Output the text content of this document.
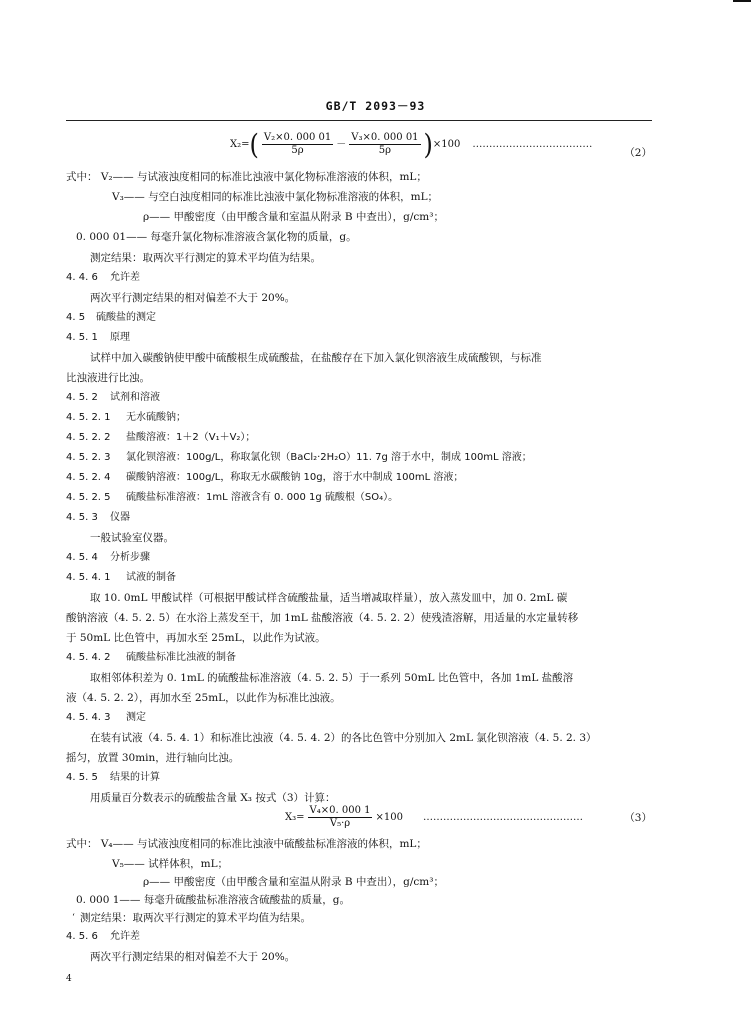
GB/T 2093－93
X₂= ( $\frac{\text{V₂×0. 000 01}}{5\rho} - \frac{\text{V₃×0. 000 01}}{5\rho}$ ) ×100 ………………………………
（2）
式中： V₂—— 与试液浊度相同的标准比浊液中氯化物标准溶液的体积，mL；
V₃—— 与空白浊度相同的标准比浊液中氯化物标准溶液的体积，mL；
ρ—— 甲酸密度（由甲酸含量和室温从附录 B 中查出），g/cm³；
0. 000 01—— 每毫升氯化物标准溶液含氯化物的质量，g。
测定结果：取两次平行测定的算术平均值为结果。
4. 4. 6 允许差
两次平行测定结果的相对偏差不大于 20%。
4. 5 硫酸盐的测定
4. 5. 1 原理
试样中加入碳酸钠使甲酸中硫酸根生成硫酸盐，在盐酸存在下加入氯化钡溶液生成硫酸钡，与标准
比浊液进行比浊。
4. 5. 2 试剂和溶液
4. 5. 2. 1 无水硫酸钠；
4. 5. 2. 2 盐酸溶液：1＋2（V₁＋V₂）；
4. 5. 2. 3 氯化钡溶液：100g/L，称取氯化钡（BaCl₂·2H₂O）11. 7g 溶于水中，制成 100mL 溶液；
4. 5. 2. 4 碳酸钠溶液：100g/L，称取无水碳酸钠 10g，溶于水中制成 100mL 溶液；
4. 5. 2. 5 硫酸盐标准溶液：1mL 溶液含有 0. 000 1g 硫酸根（SO₄）。
4. 5. 3 仪器
一般试验室仪器。
4. 5. 4 分析步骤
4. 5. 4. 1 试液的制备
取 10. 0mL 甲酸试样（可根据甲酸试样含硫酸盐量，适当增减取样量），放入蒸发皿中，加 0. 2mL 碳
酸钠溶液（4. 5. 2. 5）在水浴上蒸发至干，加 1mL 盐酸溶液（4. 5. 2. 2）使残渣溶解，用适量的水定量转移
于 50mL 比色管中，再加水至 25mL，以此作为试液。
4. 5. 4. 2 硫酸盐标准比浊液的制备
取相邻体积差为 0. 1mL 的硫酸盐标准溶液（4. 5. 2. 5）于一系列 50mL 比色管中，各加 1mL 盐酸溶
液（4. 5. 2. 2），再加水至 25mL，以此作为标准比浊液。
4. 5. 4. 3 测定
在装有试液（4. 5. 4. 1）和标准比浊液（4. 5. 4. 2）的各比色管中分别加入 2mL 氯化钡溶液（4. 5. 2. 3）
摇匀，放置 30min，进行轴向比浊。
4. 5. 5 结果的计算
用质量百分数表示的硫酸盐含量 X₃ 按式（3）计算：
$X_3= \frac{\text{V₄×0. 000 1}}{\text{V₅·ρ}} \times 100$ …………………………………………	（3）
式中： V₄—— 与试液浊度相同的标准比浊液中硫酸盐标准溶液的体积，mL；
V₅—— 试样体积，mL；
ρ—— 甲酸密度（由甲酸含量和室温从附录 B 中查出），g/cm³；
0. 000 1—— 每毫升硫酸盐标准溶液含硫酸盐的质量，g。
‘ 测定结果：取两次平行测定的算术平均值为结果。
4. 5. 6 允许差
两次平行测定结果的相对偏差不大于 20%。
4
